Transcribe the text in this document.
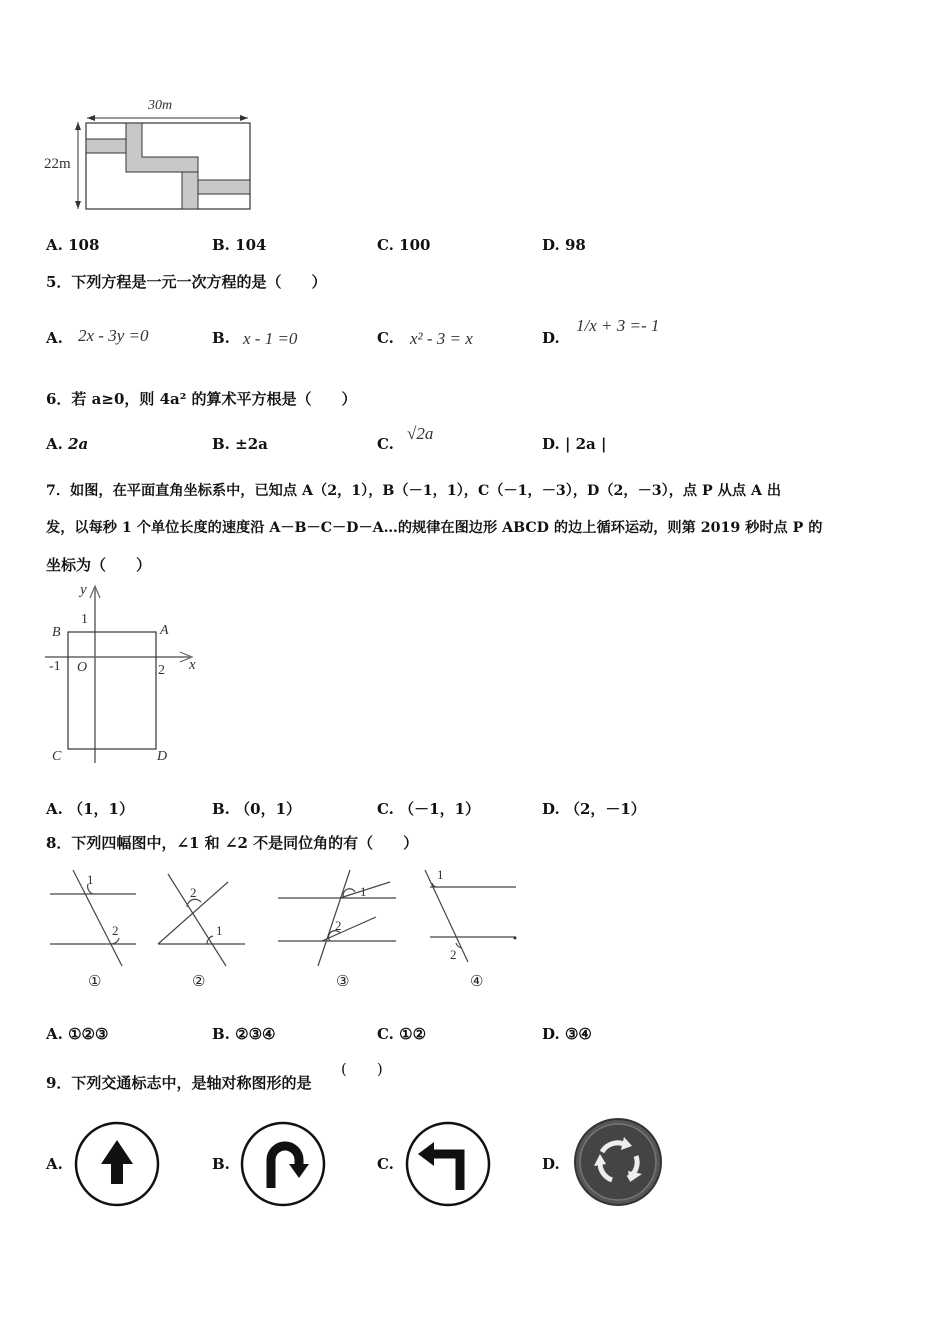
30m
22m
A. 108	B. 104	C. 100	D. 98
5．下列方程是一元一次方程的是（　　）
A. 2x - 3y =0	B. x - 1 =0	C. x² - 3 = x	D.
1/x + 3 =- 1
6．若 a≥0，则 4a² 的算术平方根是（　　）
A. 2a	B. ±2a	C.
√2a
D. | 2a |
7．如图，在平面直角坐标系中，已知点 A（2，1），B（－1，1），C（－1，－3），D（2，－3），点 P 从点 A 出
发，以每秒 1 个单位长度的速度沿 A－B－C－D－A…的规律在图边形 ABCD 的边上循环运动，则第 2019 秒时点 P 的
坐标为（　　）
y
x
1
-1 O	2
A
B
C	D
A. （1，1）	B. （0，1）	C. （－1，1）	D. （2，－1）
8．下列四幅图中，∠1 和 ∠2 不是同位角的有（　　）
1
2
2
1
1
2
1
2
①	②	③	④
A. ①②③	B. ②③④	C. ①②	D. ③④
9．下列交通标志中，是轴对称图形的是
(　　)
A.	B.	C.	D.
